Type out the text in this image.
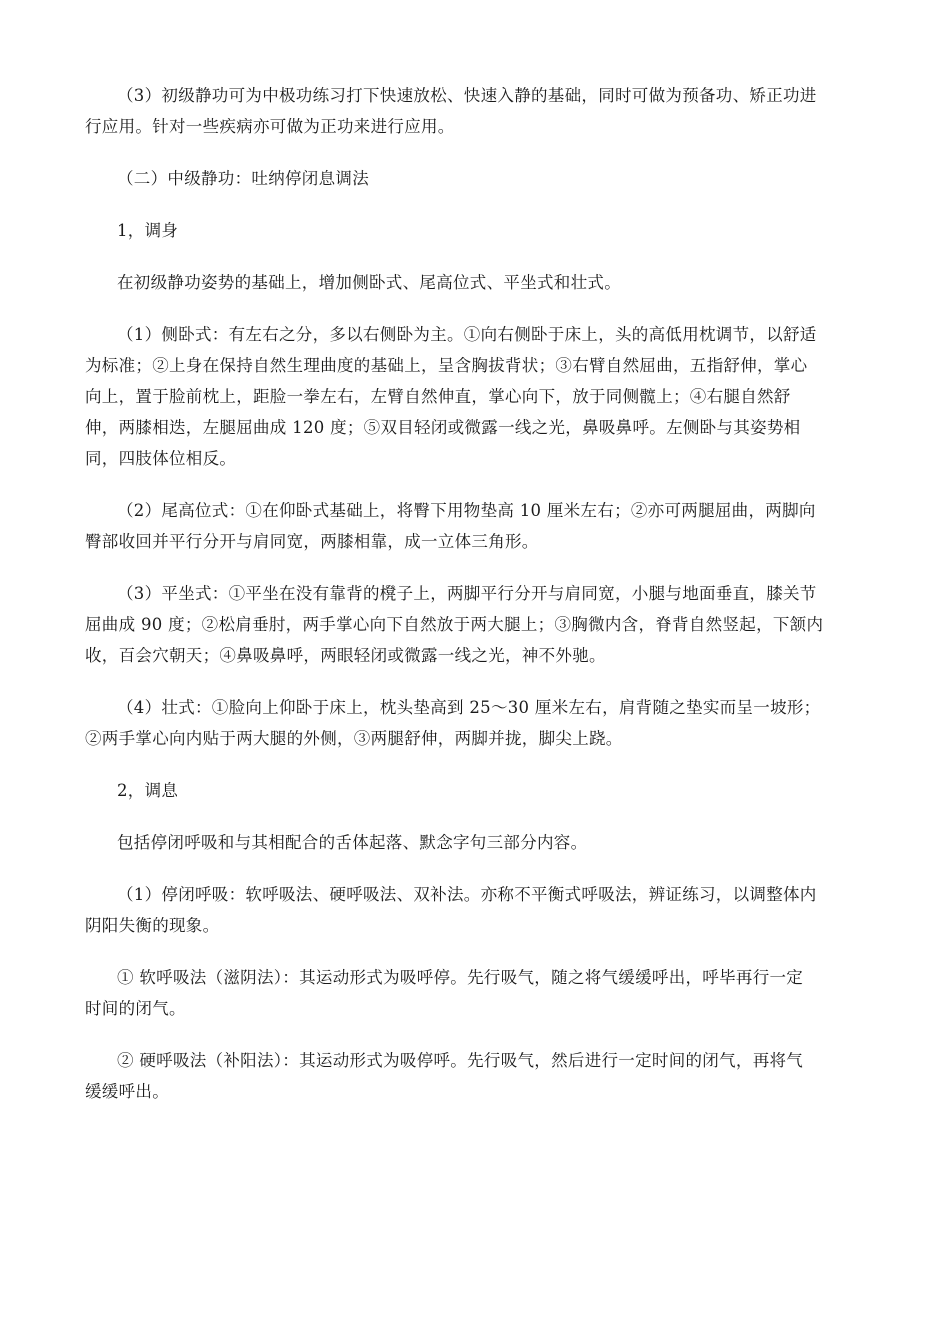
（3）初级静功可为中极功练习打下快速放松、快速入静的基础，同时可做为预备功、矫正功进
行应用。针对一些疾病亦可做为正功来进行应用。
（二）中级静功：吐纳停闭息调法
1，调身
在初级静功姿势的基础上，增加侧卧式、尾高位式、平坐式和壮式。
（1）侧卧式：有左右之分，多以右侧卧为主。①向右侧卧于床上，头的高低用枕调节，以舒适
为标准；②上身在保持自然生理曲度的基础上，呈含胸拔背状；③右臂自然屈曲，五指舒伸，掌心
向上，置于脸前枕上，距脸一拳左右，左臂自然伸直，掌心向下，放于同侧髋上；④右腿自然舒
伸，两膝相迭，左腿屈曲成 120 度；⑤双目轻闭或微露一线之光，鼻吸鼻呼。左侧卧与其姿势相
同，四肢体位相反。
（2）尾高位式：①在仰卧式基础上，将臀下用物垫高 10 厘米左右；②亦可两腿屈曲，两脚向
臀部收回并平行分开与肩同宽，两膝相靠，成一立体三角形。
（3）平坐式：①平坐在没有靠背的櫈子上，两脚平行分开与肩同宽，小腿与地面垂直，膝关节
屈曲成 90 度；②松肩垂肘，两手掌心向下自然放于两大腿上；③胸微内含，脊背自然竖起，下颔内
收，百会穴朝天；④鼻吸鼻呼，两眼轻闭或微露一线之光，神不外驰。
（4）壮式：①脸向上仰卧于床上，枕头垫高到 25～30 厘米左右，肩背随之垫实而呈一坡形；
②两手掌心向内贴于两大腿的外侧，③两腿舒伸，两脚并拢，脚尖上跷。
2，调息
包括停闭呼吸和与其相配合的舌体起落、默念字句三部分内容。
（1）停闭呼吸：软呼吸法、硬呼吸法、双补法。亦称不平衡式呼吸法，辨证练习，以调整体内
阴阳失衡的现象。
① 软呼吸法（滋阴法）：其运动形式为吸呼停。先行吸气，随之将气缓缓呼出，呼毕再行一定
时间的闭气。
② 硬呼吸法（补阳法）：其运动形式为吸停呼。先行吸气，然后进行一定时间的闭气，再将气
缓缓呼出。
